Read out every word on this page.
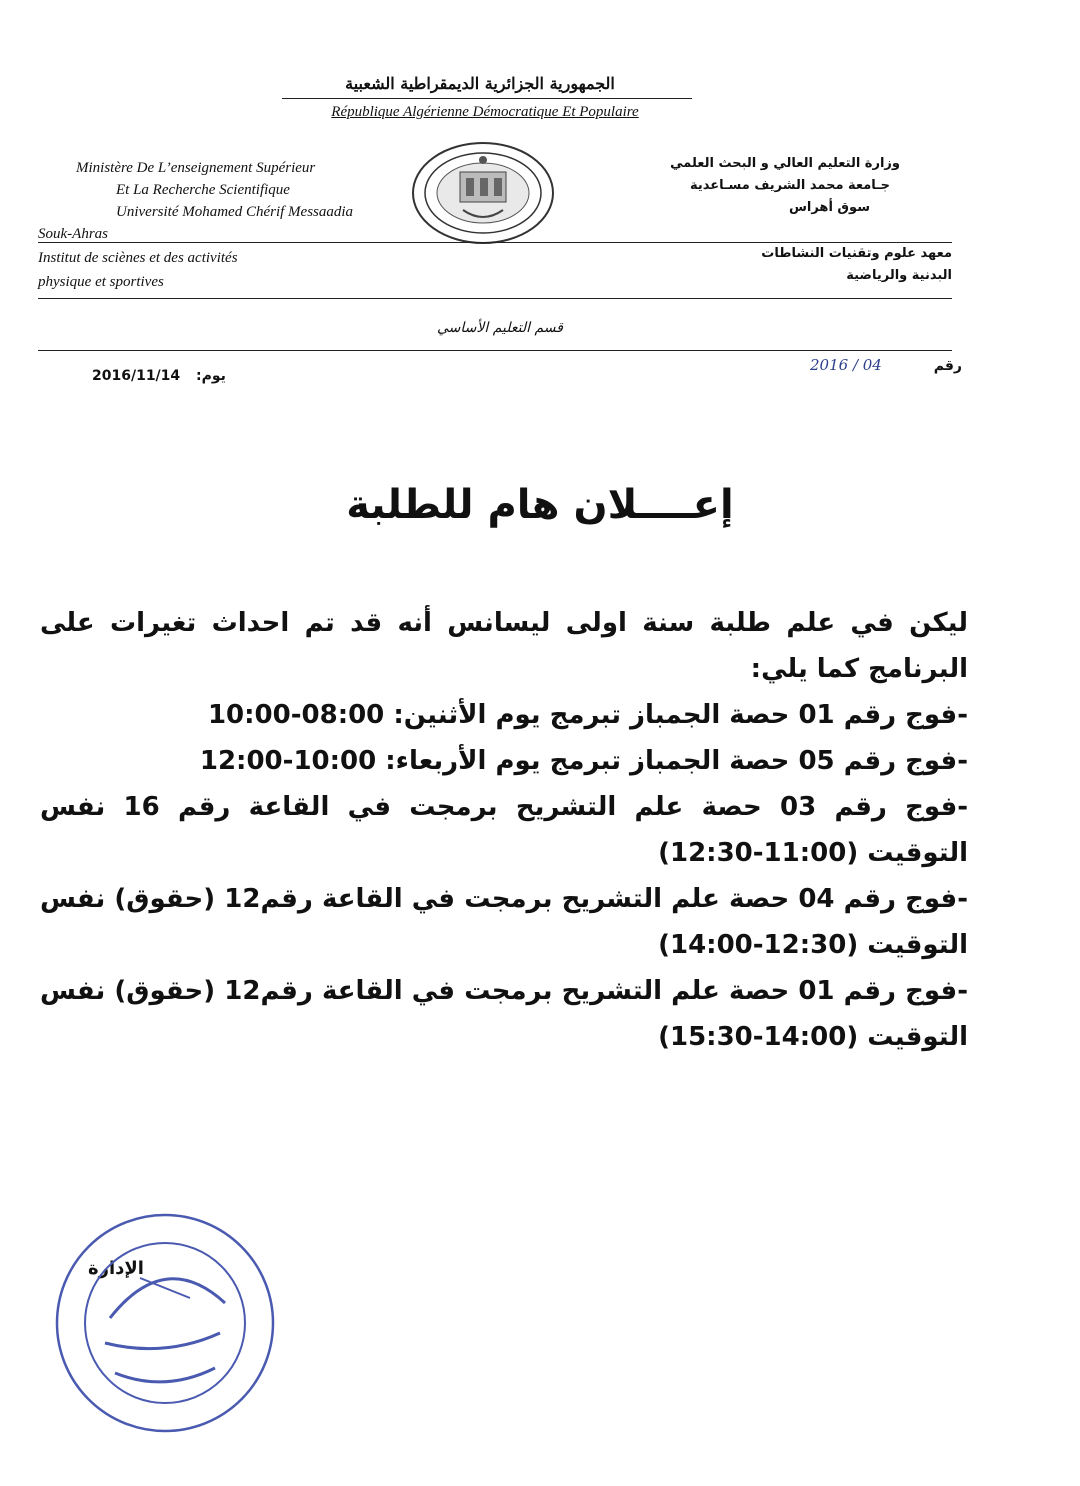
الجمهورية الجزائرية الديمقراطية الشعبية
République Algérienne Démocratique Et Populaire
Ministère De L’enseignement Supérieur
Et La Recherche Scientifique
Université Mohamed Chérif Messaadia
Souk-Ahras
Institut de sciènes et des activités
physique et sportives
وزارة التعليم العالي و البحث العلمي
جـامعة محمد الشريف مسـاعدية
سوق أهراس
معهد علوم وتقنيات النشاطات
البدنية والرياضية
قسم التعليم الأساسي
رقم
2016 / 04
يوم:
2016/11/14
إعــــلان هام للطلبة

ليكن في علم طلبة سنة اولى ليسانس أنه قد تم احداث تغيرات على البرنامج كما يلي:

-فوج رقم 01 حصة الجمباز تبرمج يوم الأثنين: 08:00-10:00

-فوج رقم 05 حصة الجمباز تبرمج يوم الأربعاء: 10:00-12:00

-فوج رقم 03 حصة علم التشريح برمجت في القاعة رقم 16 نفس التوقيت (11:00-12:30)

-فوج رقم 04 حصة علم التشريح برمجت في القاعة رقم12 (حقوق) نفس التوقيت (12:30-14:00)

-فوج رقم 01 حصة علم التشريح برمجت في القاعة رقم12 (حقوق) نفس التوقيت (14:00-15:30)

الإدارة
